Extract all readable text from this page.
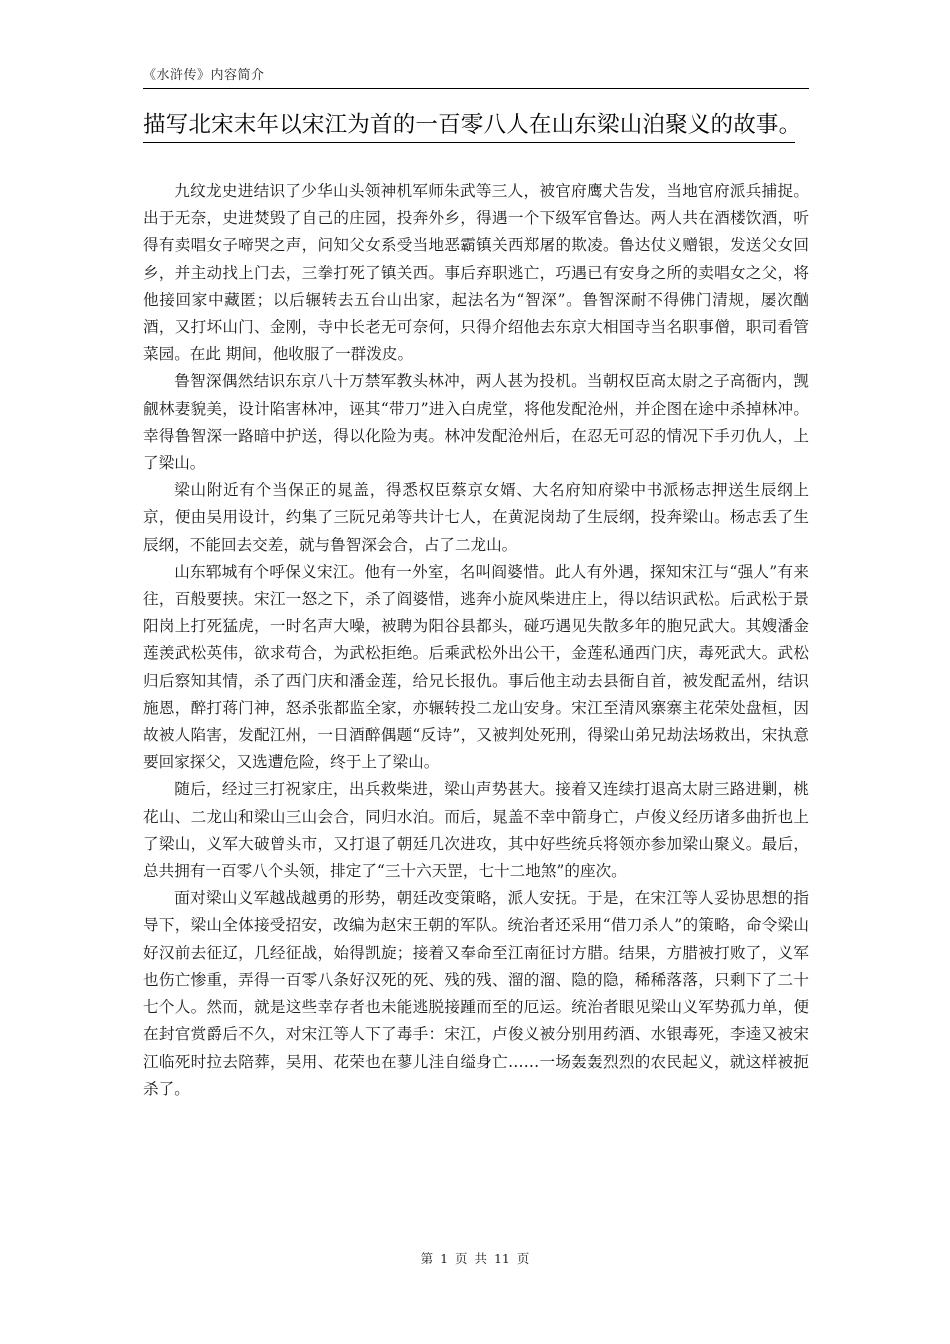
《水浒传》内容简介
描写北宋末年以宋江为首的一百零八人在山东梁山泊聚义的故事。

九纹龙史进结识了少华山头领神机军师朱武等三人，被官府鹰犬告发，当地官府派兵捕捉。出于无奈，史进焚毁了自己的庄园，投奔外乡，得遇一个下级军官鲁达。两人共在酒楼饮酒，听得有卖唱女子啼哭之声，问知父女系受当地恶霸镇关西郑屠的欺凌。鲁达仗义赠银，发送父女回乡，并主动找上门去，三拳打死了镇关西。事后弃职逃亡，巧遇已有安身之所的卖唱女之父，将他接回家中藏匿；以后辗转去五台山出家，起法名为“智深”。鲁智深耐不得佛门清规，屡次酗酒，又打坏山门、金刚，寺中长老无可奈何，只得介绍他去东京大相国寺当名职事僧，职司看管菜园。在此 期间，他收服了一群泼皮。

鲁智深偶然结识东京八十万禁军教头林冲，两人甚为投机。当朝权臣高太尉之子高衙内，觊觎林妻貌美，设计陷害林冲，诬其“带刀”进入白虎堂，将他发配沧州，并企图在途中杀掉林冲。幸得鲁智深一路暗中护送，得以化险为夷。林冲发配沧州后，在忍无可忍的情况下手刃仇人，上了梁山。

梁山附近有个当保正的晁盖，得悉权臣蔡京女婿、大名府知府梁中书派杨志押送生辰纲上京，便由吴用设计，约集了三阮兄弟等共计七人，在黄泥岗劫了生辰纲，投奔梁山。杨志丢了生辰纲，不能回去交差，就与鲁智深会合，占了二龙山。

山东郓城有个呼保义宋江。他有一外室，名叫阎婆惜。此人有外遇，探知宋江与“强人”有来往，百般要挟。宋江一怒之下，杀了阎婆惜，逃奔小旋风柴进庄上，得以结识武松。后武松于景阳岗上打死猛虎，一时名声大噪，被聘为阳谷县都头，碰巧遇见失散多年的胞兄武大。其嫂潘金莲羡武松英伟，欲求苟合，为武松拒绝。后乘武松外出公干，金莲私通西门庆，毒死武大。武松归后察知其情，杀了西门庆和潘金莲，给兄长报仇。事后他主动去县衙自首，被发配孟州，结识施恩，醉打蒋门神，怒杀张都监全家，亦辗转投二龙山安身。宋江至清风寨寨主花荣处盘桓，因故被人陷害，发配江州，一日酒醉偶题“反诗”，又被判处死刑，得梁山弟兄劫法场救出，宋执意要回家探父，又选遭危险，终于上了梁山。

随后，经过三打祝家庄，出兵救柴进，梁山声势甚大。接着又连续打退高太尉三路进剿，桃花山、二龙山和梁山三山会合，同归水泊。而后，晁盖不幸中箭身亡，卢俊义经历诸多曲折也上了梁山，义军大破曾头市，又打退了朝廷几次进攻，其中好些统兵将领亦参加梁山聚义。最后，总共拥有一百零八个头领，排定了“三十六天罡，七十二地煞”的座次。

面对梁山义军越战越勇的形势，朝廷改变策略，派人安抚。于是，在宋江等人妥协思想的指导下，梁山全体接受招安，改编为赵宋王朝的军队。统治者还采用“借刀杀人”的策略，命令梁山好汉前去征辽，几经征战，始得凯旋；接着又奉命至江南征讨方腊。结果，方腊被打败了，义军也伤亡惨重，弄得一百零八条好汉死的死、残的残、溜的溜、隐的隐，稀稀落落，只剩下了二十七个人。然而，就是这些幸存者也未能逃脱接踵而至的厄运。统治者眼见梁山义军势孤力单，便在封官赏爵后不久，对宋江等人下了毒手：宋江，卢俊义被分别用药酒、水银毒死，李逵又被宋江临死时拉去陪葬，吴用、花荣也在蓼儿洼自缢身亡……一场轰轰烈烈的农民起义，就这样被扼杀了。

第 1 页 共 11 页
